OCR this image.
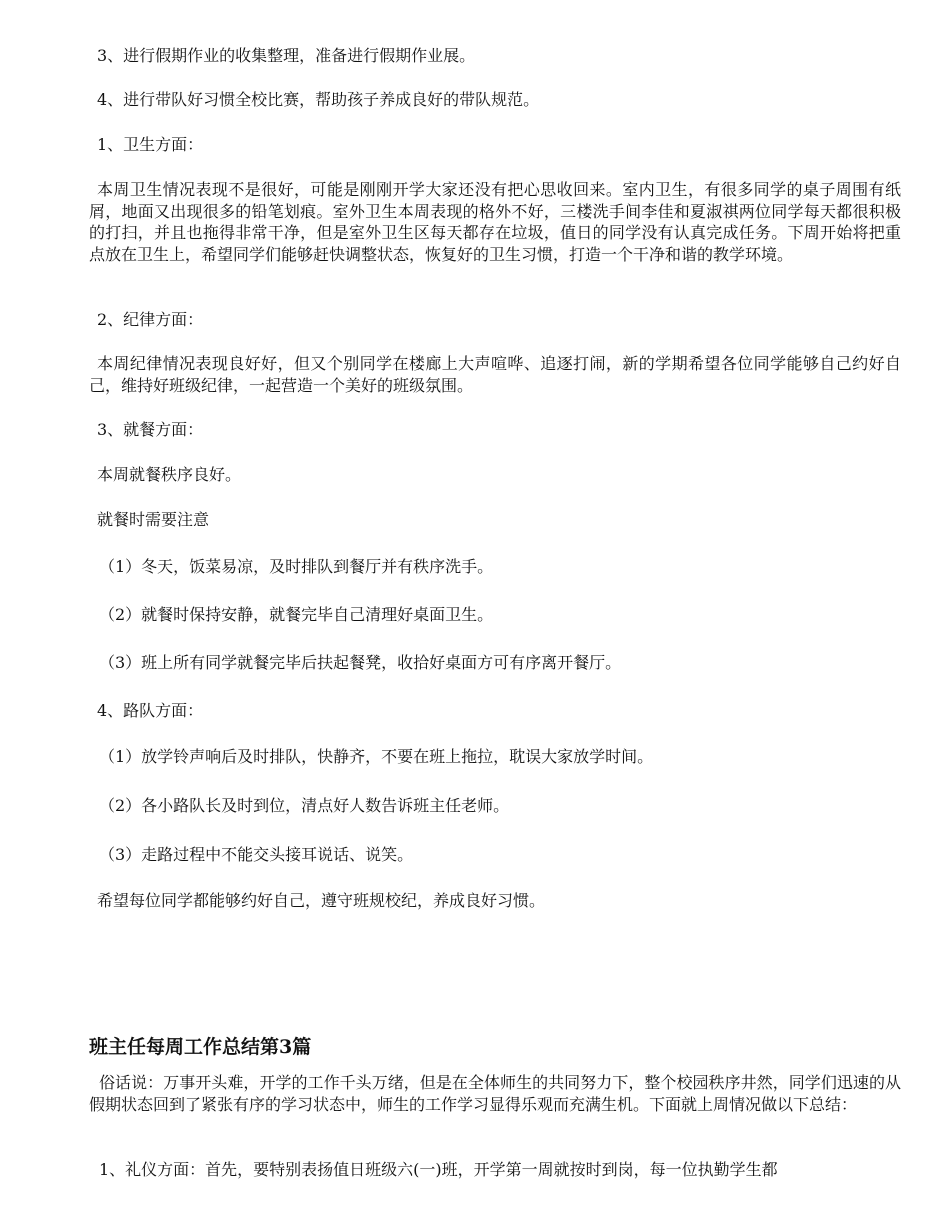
3、进行假期作业的收集整理，准备进行假期作业展。
4、进行带队好习惯全校比赛，帮助孩子养成良好的带队规范。
1、卫生方面：
本周卫生情况表现不是很好，可能是刚刚开学大家还没有把心思收回来。室内卫生，有很多同学的桌子周围有纸屑，地面又出现很多的铅笔划痕。室外卫生本周表现的格外不好，三楼洗手间李佳和夏淑祺两位同学每天都很积极的打扫，并且也拖得非常干净，但是室外卫生区每天都存在垃圾，值日的同学没有认真完成任务。下周开始将把重点放在卫生上，希望同学们能够赶快调整状态，恢复好的卫生习惯，打造一个干净和谐的教学环境。
2、纪律方面：
本周纪律情况表现良好好，但又个别同学在楼廊上大声喧哗、追逐打闹，新的学期希望各位同学能够自己约好自己，维持好班级纪律，一起营造一个美好的班级氛围。
3、就餐方面：
本周就餐秩序良好。
就餐时需要注意
（1）冬天，饭菜易凉，及时排队到餐厅并有秩序洗手。
（2）就餐时保持安静，就餐完毕自己清理好桌面卫生。
（3）班上所有同学就餐完毕后扶起餐凳，收拾好桌面方可有序离开餐厅。
4、路队方面：
（1）放学铃声响后及时排队，快静齐，不要在班上拖拉，耽误大家放学时间。
（2）各小路队长及时到位，清点好人数告诉班主任老师。
（3）走路过程中不能交头接耳说话、说笑。
希望每位同学都能够约好自己，遵守班规校纪，养成良好习惯。
班主任每周工作总结第3篇
俗话说：万事开头难，开学的工作千头万绪，但是在全体师生的共同努力下，整个校园秩序井然，同学们迅速的从假期状态回到了紧张有序的学习状态中，师生的工作学习显得乐观而充满生机。下面就上周情况做以下总结：
1、礼仪方面：首先，要特别表扬值日班级六(一)班，开学第一周就按时到岗，每一位执勤学生都
